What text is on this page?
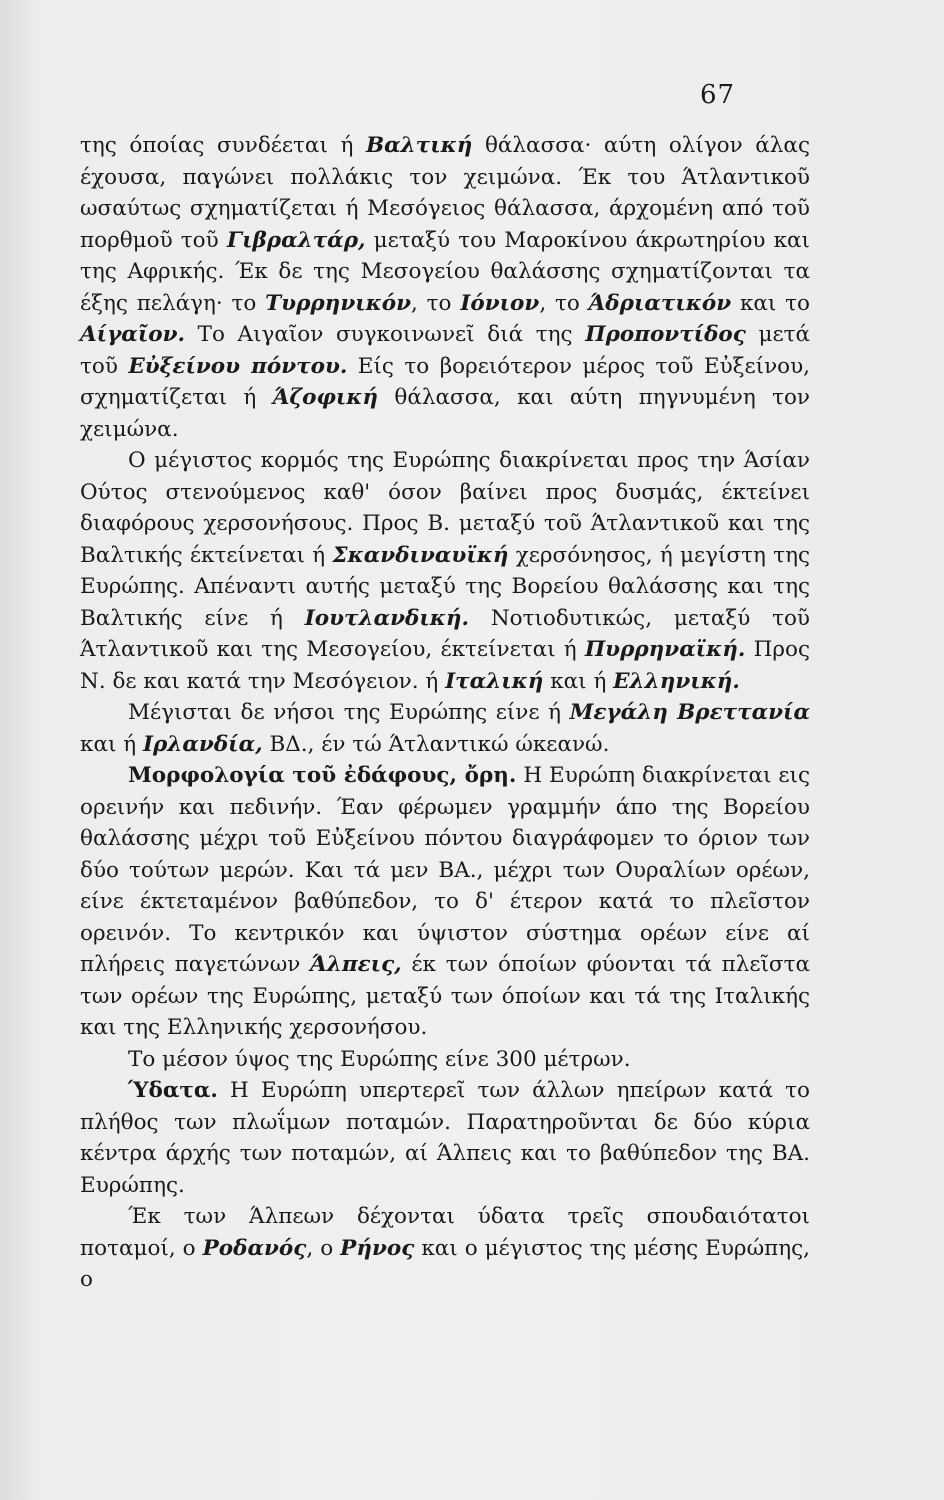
67

της όποίας συνδέεται ή Βαλτική θάλασσα· αύτη ολίγον άλας έχουσα, παγώνει πολλάκις τον χειμώνα. Έκ του Άτλαντικοῦ ωσαύτως σχηματίζεται ή Μεσόγειος θάλασσα, άρχομένη από τοῦ πορθμοῦ τοῦ Γιβραλτάρ, μεταξύ του Μαροκίνου άκρωτηρίου και της Αφρικής. Έκ δε της Μεσογείου θαλάσσης σχηματίζονται τα έξης πελάγη· το Τυρρηνικόν, το Ιόνιον, το Άδριατικόν και το Αίγαῖον. Το Αιγαῖον συγκοινωνεῖ διά της Προποντίδος μετά τοῦ Εὐξείνου πόντου. Είς το βορειότερον μέρος τοῦ Εὐξείνου, σχηματίζεται ή Άζοφική θάλασσα, και αύτη πηγνυμένη τον χειμώνα.

Ο μέγιστος κορμός της Ευρώπης διακρίνεται προς την Άσίαν Ούτος στενούμενος καθ' όσον βαίνει προς δυσμάς, έκτείνει διαφόρους χερσονήσους. Προς Β. μεταξύ τοῦ Άτλαντικοῦ και της Βαλτικής έκτείνεται ή Σκανδιναυϊκή χερσόνησος, ή μεγίστη της Ευρώπης. Απέναντι αυτής μεταξύ της Βορείου θαλάσσης και της Βαλτικής είνε ή Ιουτλανδική. Νοτιοδυτικώς, μεταξύ τοῦ Άτλαντικοῦ και της Μεσογείου, έκτείνεται ή Πυρρηναϊκή. Προς Ν. δε και κατά την Μεσόγειον. ή Ιταλική και ή Ελληνική.

Μέγισται δε νήσοι της Ευρώπης είνε ή Μεγάλη Βρεττανία και ή Ιρλανδία, ΒΔ., έν τώ Άτλαντικώ ώκεανώ.

Μορφολογία τοῦ ἐδάφους, ὄρη. Η Ευρώπη διακρίνεται εις ορεινήν και πεδινήν. Έαν φέρωμεν γραμμήν άπο της Βορείου θαλάσσης μέχρι τοῦ Εὐξείνου πόντου διαγράφομεν το όριον των δύο τούτων μερών. Και τά μεν ΒΑ., μέχρι των Ουραλίων ορέων, είνε έκτεταμένον βαθύπεδον, το δ' έτερον κατά το πλεῖστον ορεινόν. Το κεντρικόν και ύψιστον σύστημα ορέων είνε αί πλήρεις παγετώνων Άλπεις, έκ των όποίων φύονται τά πλεῖστα των ορέων της Ευρώπης, μεταξύ των όποίων και τά της Ιταλικής και της Ελληνικής χερσονήσου.

Το μέσον ύψος της Ευρώπης είνε 300 μέτρων.

Ύδατα. Η Ευρώπη υπερτερεῖ των άλλων ηπείρων κατά το πλήθος των πλωΐμων ποταμών. Παρατηροῦνται δε δύο κύρια κέντρα άρχής των ποταμών, αί Άλπεις και το βαθύπεδον της ΒΑ. Ευρώπης.

Έκ των Άλπεων δέχονται ύδατα τρεῖς σπουδαιότατοι ποταμοί, ο Ροδανός, ο Ρήνος και ο μέγιστος της μέσης Ευρώπης, ο
